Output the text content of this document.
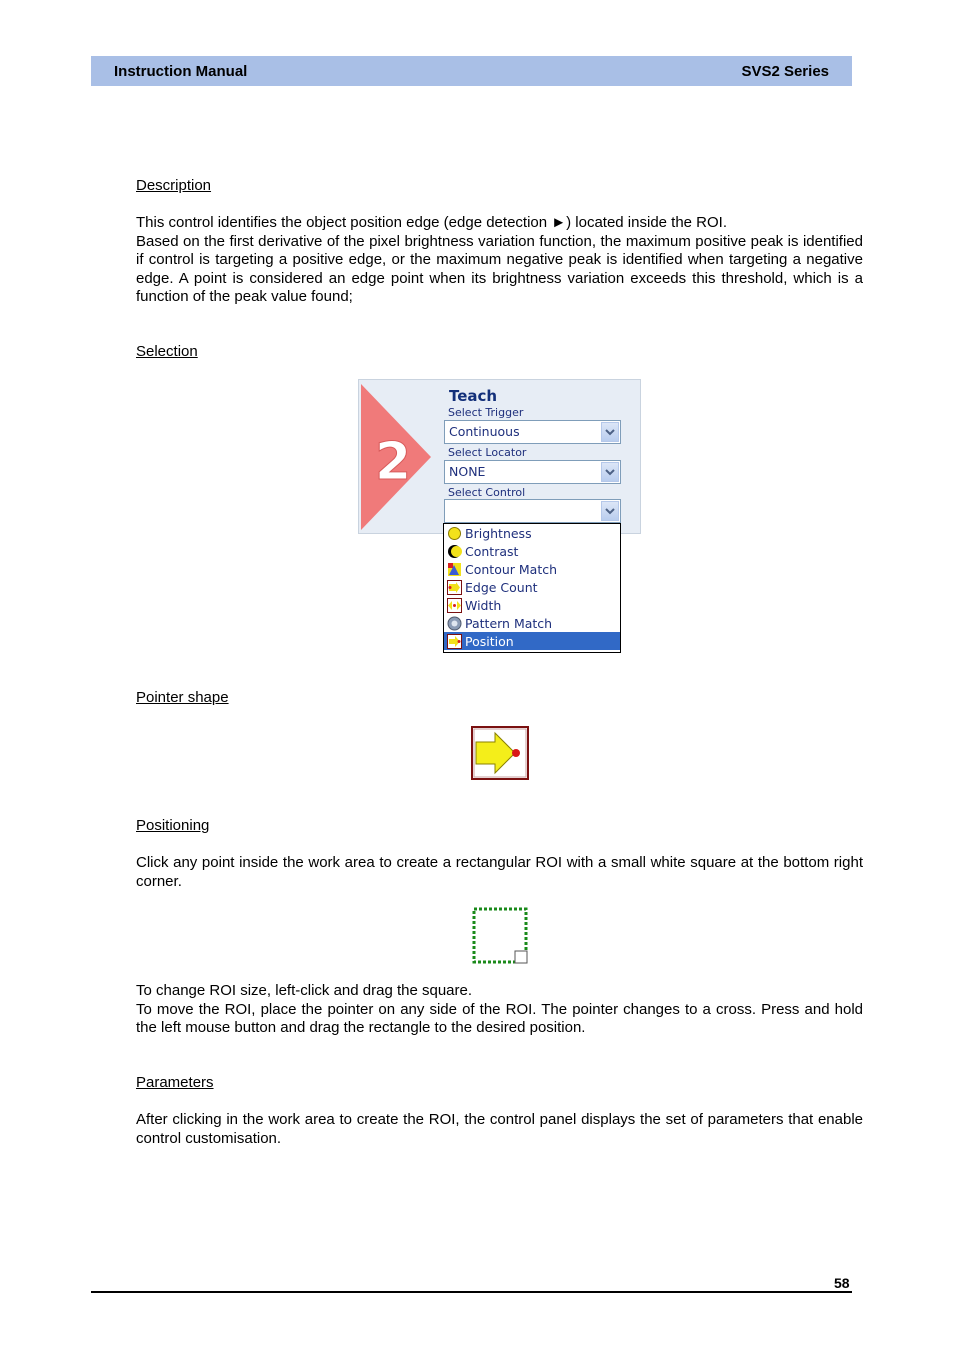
Instruction Manual	SVS2 Series
Description

This control identifies the object position edge (edge detection ►) located inside the ROI.

Based on the first derivative of the pixel brightness variation function, the maximum positive peak is identified if control is targeting a positive edge, or the maximum negative peak is identified when targeting a negative edge. A point is considered an edge point when its brightness variation exceeds this threshold, which is a function of the peak value found;

Selection
2
Teach
Select Trigger
Continuous
Select Locator
NONE
Select Control
Brightness
Contrast
Contour Match
Edge Count
Width
Pattern Match
Position
Pointer shape
Positioning
Click any point inside the work area to create a rectangular ROI with a small white square at the bottom right corner.

To change ROI size, left-click and drag the square.

To move the ROI, place the pointer on any side of the ROI. The pointer changes to a cross. Press and hold the left mouse button and drag the rectangle to the desired position.

Parameters
After clicking in the work area to create the ROI, the control panel displays the set of parameters that enable control customisation.
58
